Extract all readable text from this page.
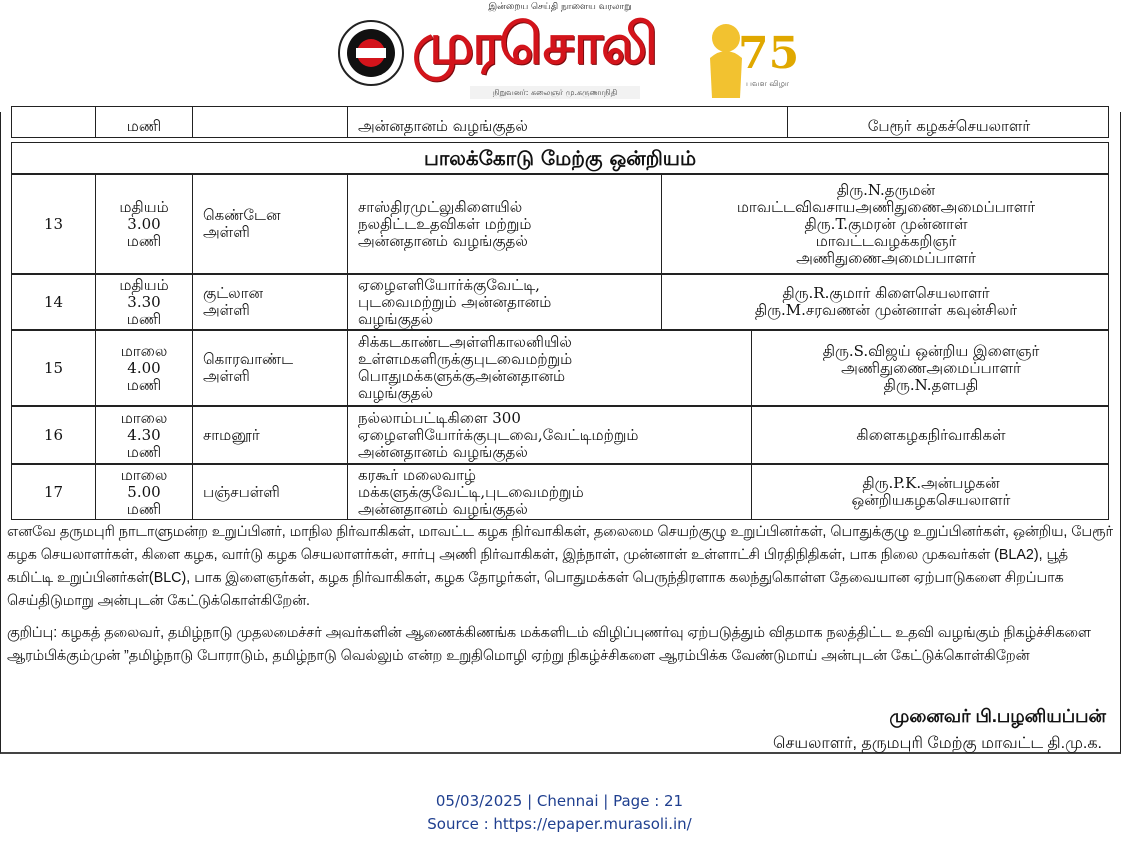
இன்றைய செய்தி நாளைய வரலாறு
முரசொலி
நிறுவனர்: கலைஞர் மு.கருணாநிதி
75
பவள விழா
மணி	அன்னதானம் வழங்குதல்	பேரூர் கழகச்செயலாளர்
பாலக்கோடு மேற்கு ஒன்றியம்
13
மதியம்
3.00
மணி
கெண்டேன
அள்ளி
சாஸ்திரமுட்லுகிளையில்
நலதிட்டஉதவிகள் மற்றும்
அன்னதானம் வழங்குதல்
திரு.N.தருமன்
மாவட்டவிவசாயஅணிதுணைஅமைப்பாளர்
திரு.T.குமரன் முன்னாள்
மாவட்டவழக்கறிஞர்
அணிதுணைஅமைப்பாளர்
14
மதியம்
3.30
மணி
குட்லான
அள்ளி
ஏழைஎளியோர்க்குவேட்டி,
புடவைமற்றும் அன்னதானம்
வழங்குதல்
திரு.R.குமார் கிளைசெயலாளர்
திரு.M.சரவணன் முன்னாள் கவுன்சிலர்
15
மாலை
4.00
மணி
கொரவாண்ட
அள்ளி
சிக்கடகாண்டஅள்ளிகாலனியில்
உள்ளமகளிருக்குபுடவைமற்றும்
பொதுமக்களுக்குஅன்னதானம்
வழங்குதல்
திரு.S.விஜய் ஒன்றிய இளைஞர்
அணிதுணைஅமைப்பாளர்
திரு.N.தளபதி
16
மாலை
4.30
மணி
சாமனூர்
நல்லாம்பட்டிகிளை 300
ஏழைஎளியோர்க்குபுடவை,வேட்டிமற்றும்
அன்னதானம் வழங்குதல்
கிளைகழகநிர்வாகிகள்
17
மாலை
5.00
மணி
பஞ்சபள்ளி
கரகூர் மலைவாழ்
மக்களுக்குவேட்டி,புடவைமற்றும்
அன்னதானம் வழங்குதல்
திரு.P.K.அன்பழகன்
ஒன்றியகழகசெயலாளர்
எனவே தருமபுரி நாடாளுமன்ற உறுப்பினர், மாநில நிர்வாகிகள், மாவட்ட கழக நிர்வாகிகள், தலைமை செயற்குழு உறுப்பினர்கள், பொதுக்குழு உறுப்பினர்கள், ஒன்றிய, பேரூர் கழக செயலாளர்கள், கிளை கழக, வார்டு கழக செயலாளர்கள், சார்பு அணி நிர்வாகிகள், இந்நாள், முன்னாள் உள்ளாட்சி பிரதிநிதிகள், பாக நிலை முகவர்கள் (BLA2), பூத் கமிட்டி உறுப்பினர்கள்(BLC), பாக இளைஞர்கள், கழக நிர்வாகிகள், கழக தோழர்கள், பொதுமக்கள் பெருந்திரளாக கலந்துகொள்ள தேவையான ஏற்பாடுகளை சிறப்பாக செய்திடுமாறு அன்புடன் கேட்டுக்கொள்கிறேன்.
குறிப்பு: கழகத் தலைவர், தமிழ்நாடு முதலமைச்சர் அவர்களின் ஆணைக்கிணங்க மக்களிடம் விழிப்புணர்வு ஏற்படுத்தும் விதமாக நலத்திட்ட உதவி வழங்கும் நிகழ்ச்சிகளை ஆரம்பிக்கும்முன் ”தமிழ்நாடு போராடும், தமிழ்நாடு வெல்லும் என்ற உறுதிமொழி ஏற்று நிகழ்ச்சிகளை ஆரம்பிக்க வேண்டுமாய் அன்புடன் கேட்டுக்கொள்கிறேன்
முனைவர் பி.பழனியப்பன்
செயலாளர், தருமபுரி மேற்கு மாவட்ட தி.மு.க.
05/03/2025 | Chennai | Page : 21
Source : https://epaper.murasoli.in/
